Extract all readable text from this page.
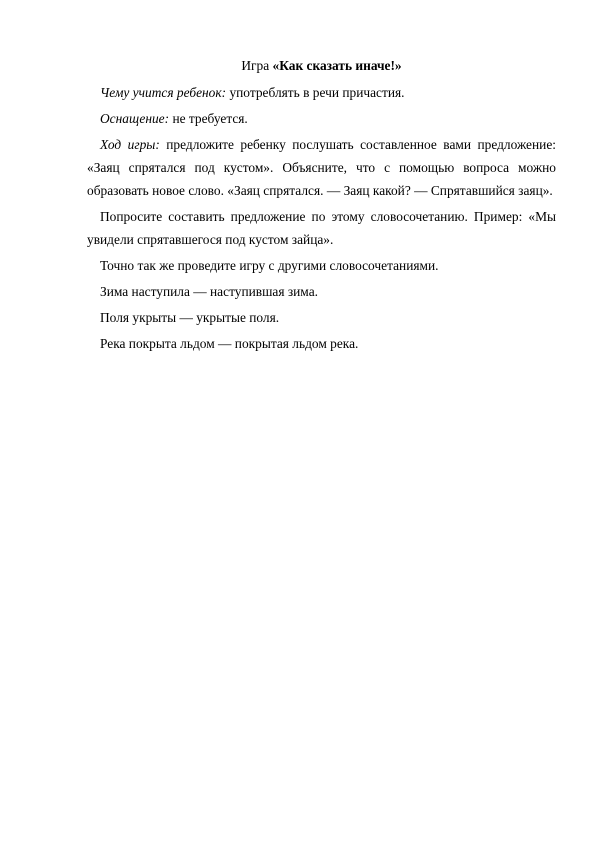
Игра «Как сказать иначе!»

Чему учится ребенок: употреблять в речи причастия.

Оснащение: не требуется.

Ход игры: предложите ребенку послушать составленное вами предложение: «Заяц спрятался под кустом». Объясните, что с помощью вопроса можно образовать новое слово. «Заяц спрятался. — Заяц какой? — Спрятавшийся заяц».

Попросите составить предложение по этому словосочетанию. Пример: «Мы увидели спрятавшегося под кустом зайца».

Точно так же проведите игру с другими словосочетаниями.

Зима наступила — наступившая зима.

Поля укрыты — укрытые поля.

Река покрыта льдом — покрытая льдом река.
